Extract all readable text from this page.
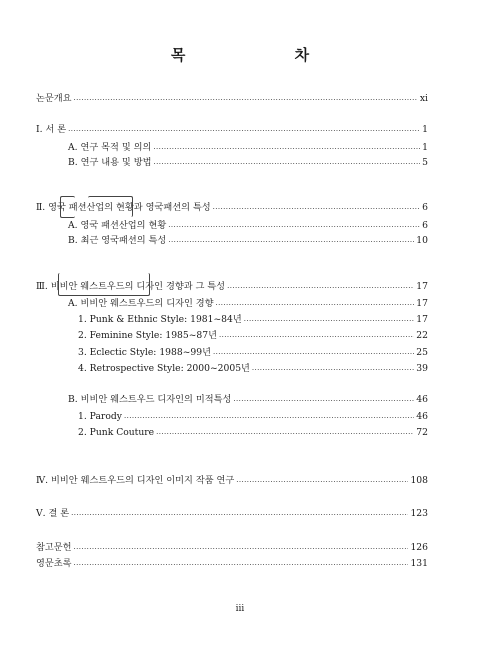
목 차
논문개요 ·····	xi
Ⅰ. 서 론 ·····	1
A. 연구 목적 및 의의 ·····	1
B. 연구 내용 및 방법 ·····	5
Ⅱ. 영국 패션산업의 현황과 영국패션의 특성 ·····	6
A. 영국 패션산업의 현황 ·····	6
B. 최근 영국패션의 특성 ·····	10
Ⅲ. 비비안 웨스트우드의 디자인 경향과 그 특성 ·····	17
A. 비비안 웨스트우드의 디자인 경향 ·····	17
1. Punk & Ethnic Style: 1981~84년 ·····	17
2. Feminine Style: 1985~87년 ·····	22
3. Eclectic Style: 1988~99년 ·····	25
4. Retrospective Style: 2000~2005년 ·····	39
B. 비비안 웨스트우드 디자인의 미적특성 ·····	46
1. Parody ·····	46
2. Punk Couture ·····	72
Ⅳ. 비비안 웨스트우드의 디자인 이미지 작품 연구 ·····	108
Ⅴ. 결 론 ·····	123
참고문헌 ·····	126
영문초록 ·····	131
iii
